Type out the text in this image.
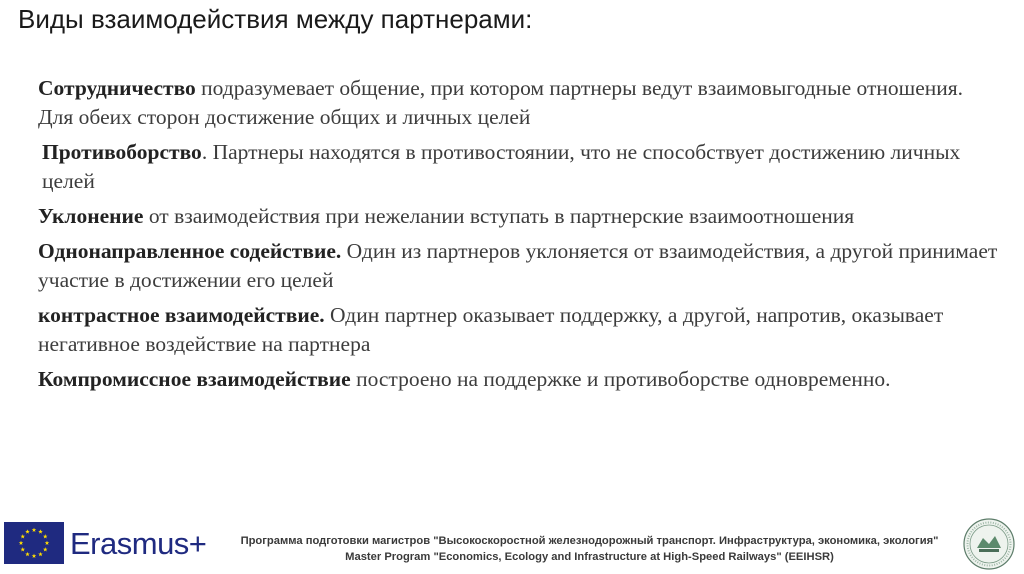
Виды взаимодействия между партнерами:

Сотрудничество подразумевает общение, при котором партнеры ведут взаимовыгодные отношения. Для обеих сторон достижение общих и личных целей

Противоборство. Партнеры находятся в противостоянии, что не способствует достижению личных целей

Уклонение от взаимодействия при нежелании вступать в партнерские взаимоотношения

Однонаправленное содействие. Один из партнеров уклоняется от взаимодействия, а другой принимает участие в достижении его целей

контрастное взаимодействие. Один партнер оказывает поддержку, а другой, напротив, оказывает негативное воздействие на партнера

Компромиссное взаимодействие построено на поддержке и противоборстве одновременно.

Erasmus+	Программа подготовки магистров "Высокоскоростной железнодорожный транспорт. Инфраструктура, экономика, экология"
Master Program "Economics, Ecology and Infrastructure at High-Speed Railways" (EEIHSR)
